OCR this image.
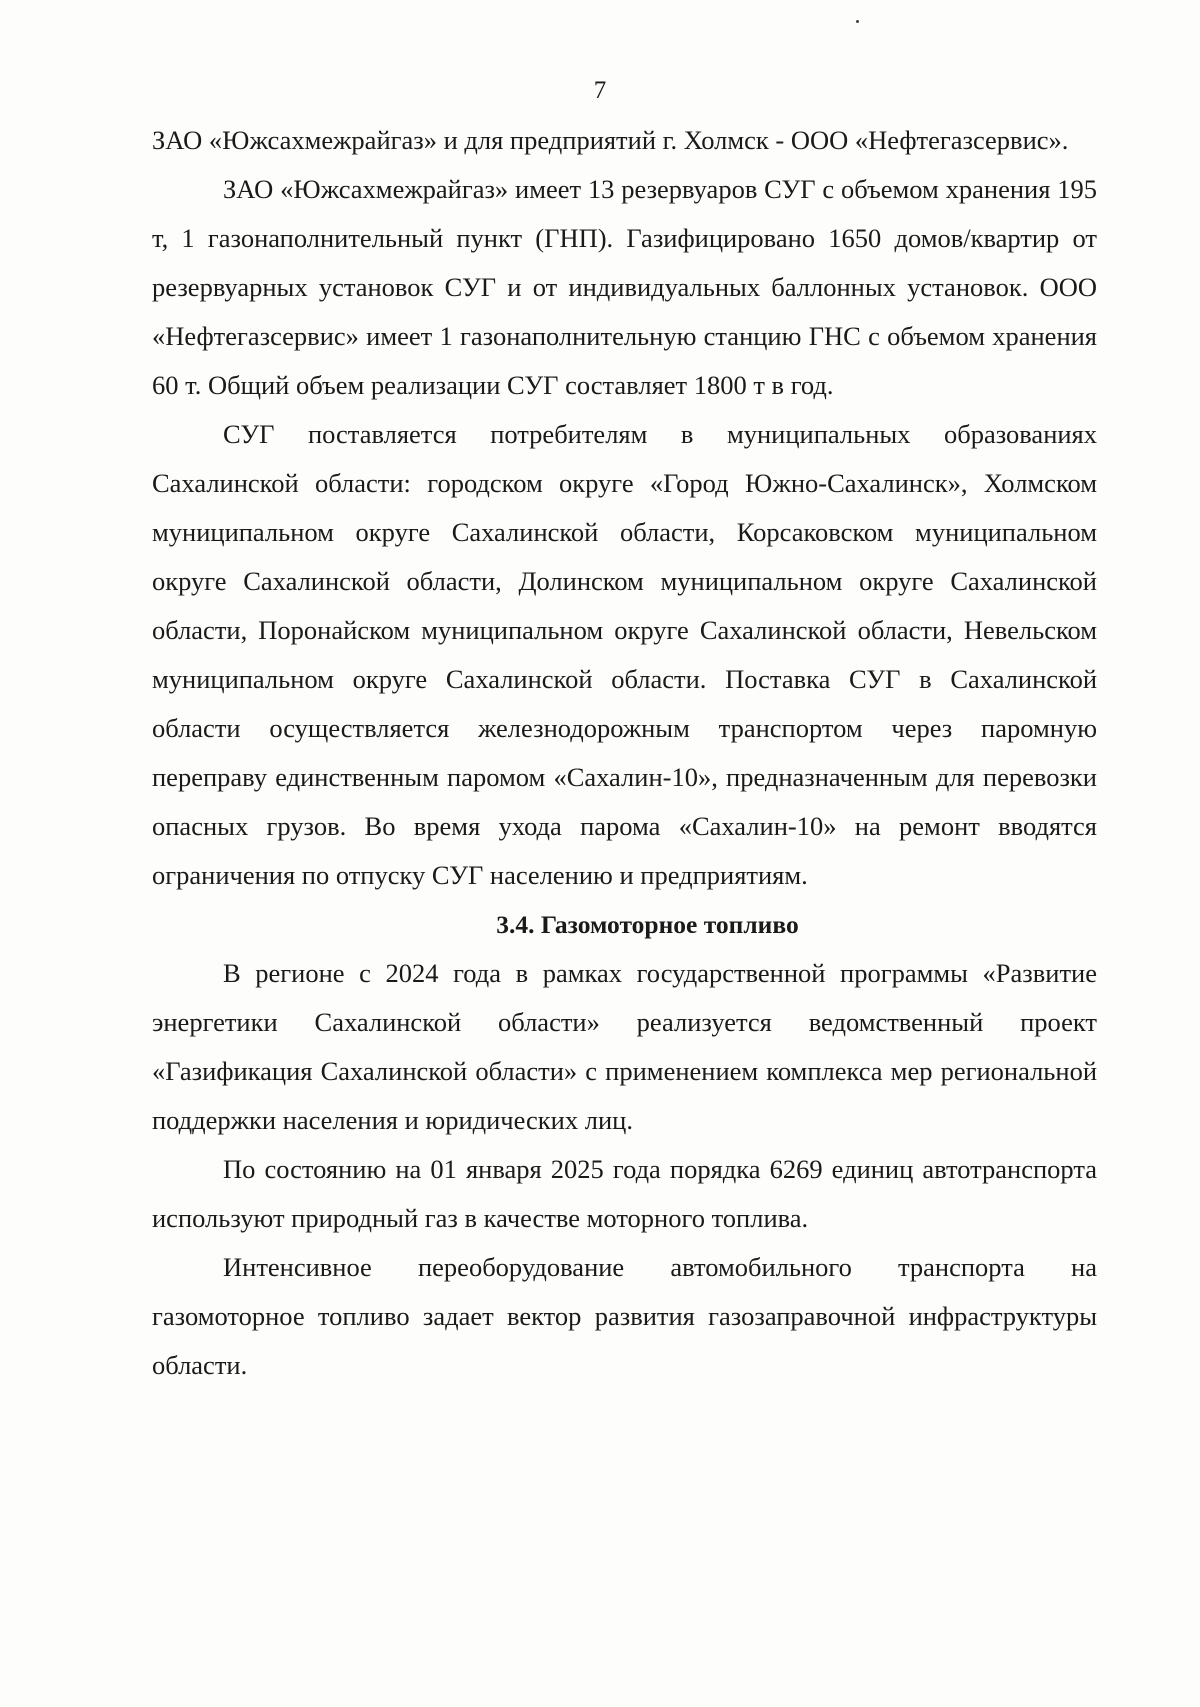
7

ЗАО «Южсахмежрайгаз» и для предприятий г. Холмск - ООО «Нефтегазсервис».

ЗАО «Южсахмежрайгаз» имеет 13 резервуаров СУГ с объемом хранения 195 т, 1 газонаполнительный пункт (ГНП). Газифицировано 1650 домов/квартир от резервуарных установок СУГ и от индивидуальных баллонных установок. ООО «Нефтегазсервис» имеет 1 газонаполнительную станцию ГНС с объемом хранения 60 т. Общий объем реализации СУГ составляет 1800 т в год.

СУГ поставляется потребителям в муниципальных образованиях Сахалинской области: городском округе «Город Южно-Сахалинск», Холмском муниципальном округе Сахалинской области, Корсаковском муниципальном округе Сахалинской области, Долинском муниципальном округе Сахалинской области, Поронайском муниципальном округе Сахалинской области, Невельском муниципальном округе Сахалинской области. Поставка СУГ в Сахалинской области осуществляется железнодорожным транспортом через паромную переправу единственным паромом «Сахалин-10», предназначенным для перевозки опасных грузов. Во время ухода парома «Сахалин-10» на ремонт вводятся ограничения по отпуску СУГ населению и предприятиям.

3.4. Газомоторное топливо

В регионе с 2024 года в рамках государственной программы «Развитие энергетики Сахалинской области» реализуется ведомственный проект «Газификация Сахалинской области» с применением комплекса мер региональной поддержки населения и юридических лиц.

По состоянию на 01 января 2025 года порядка 6269 единиц автотранспорта используют природный газ в качестве моторного топлива.

Интенсивное переоборудование автомобильного транспорта на газомоторное топливо задает вектор развития газозаправочной инфраструктуры области.
